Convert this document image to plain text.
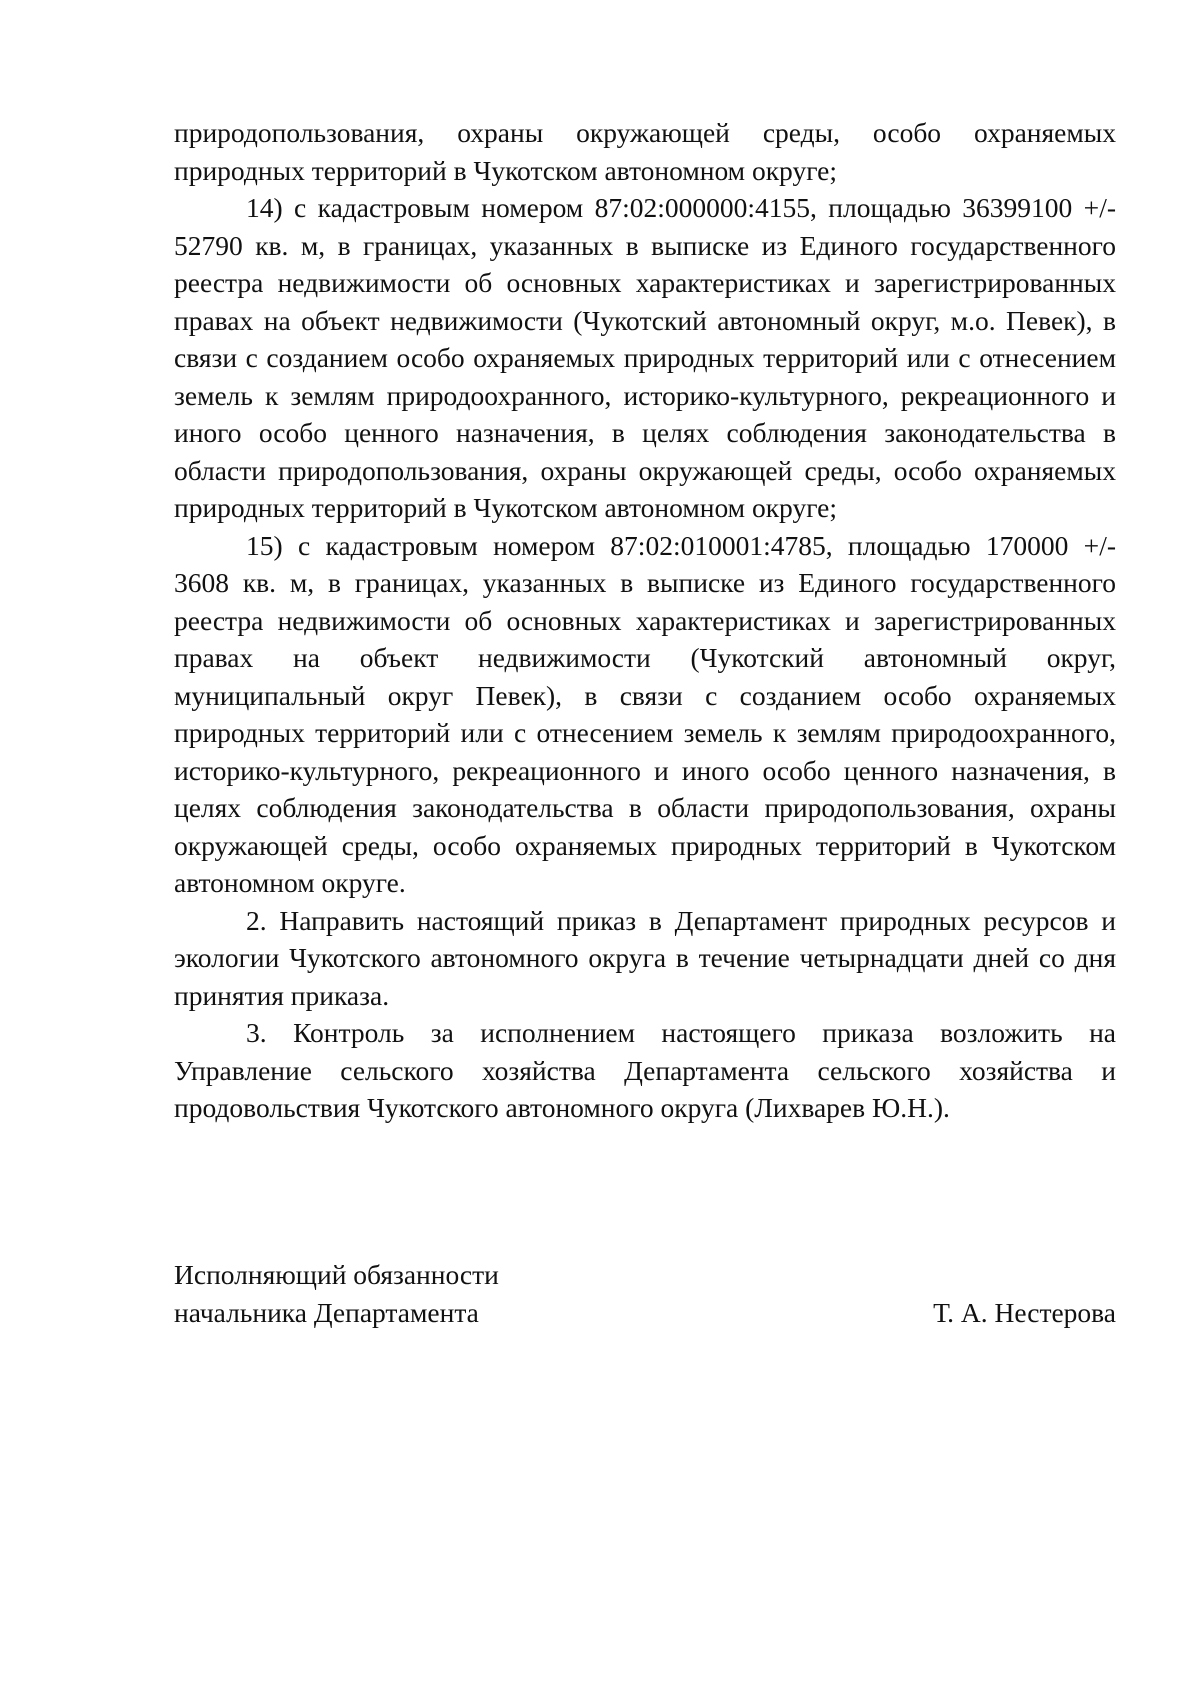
природопользования, охраны окружающей среды, особо охраняемых природных территорий в Чукотском автономном округе;

14) с кадастровым номером 87:02:000000:4155, площадью 36399100 +/- 52790 кв. м, в границах, указанных в выписке из Единого государственного реестра недвижимости об основных характеристиках и зарегистрированных правах на объект недвижимости (Чукотский автономный округ, м.о. Певек), в связи с созданием особо охраняемых природных территорий или с отнесением земель к землям природоохранного, историко-культурного, рекреационного и иного особо ценного назначения, в целях соблюдения законодательства в области природопользования, охраны окружающей среды, особо охраняемых природных территорий в Чукотском автономном округе;

15) с кадастровым номером 87:02:010001:4785, площадью 170000 +/- 3608 кв. м, в границах, указанных в выписке из Единого государственного реестра недвижимости об основных характеристиках и зарегистрированных правах на объект недвижимости (Чукотский автономный округ, муниципальный округ Певек), в связи с созданием особо охраняемых природных территорий или с отнесением земель к землям природоохранного, историко-культурного, рекреационного и иного особо ценного назначения, в целях соблюдения законодательства в области природопользования, охраны окружающей среды, особо охраняемых природных территорий в Чукотском автономном округе.

2. Направить настоящий приказ в Департамент природных ресурсов и экологии Чукотского автономного округа в течение четырнадцати дней со дня принятия приказа.

3. Контроль за исполнением настоящего приказа возложить на Управление сельского хозяйства Департамента сельского хозяйства и продовольствия Чукотского автономного округа (Лихварев Ю.Н.).

Исполняющий обязанности
начальника Департамента	Т. А. Нестерова
